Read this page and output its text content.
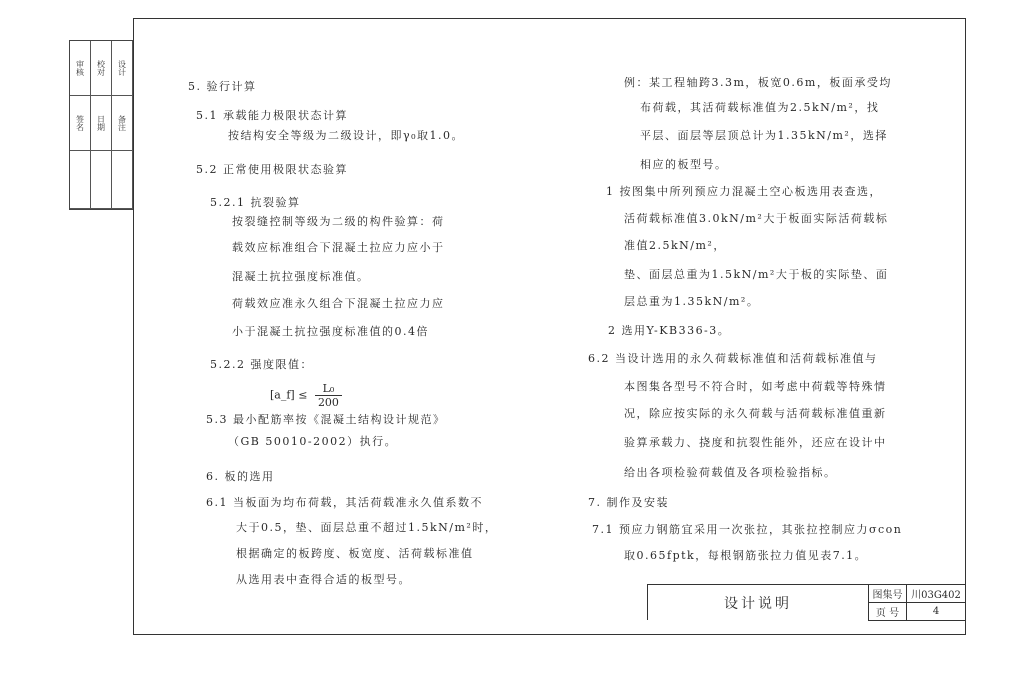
审核	校对	设计
签名	日期	备注
5. 验行计算
5.1 承载能力极限状态计算
按结构安全等级为二级设计，即γ₀取1.0。
5.2 正常使用极限状态验算
5.2.1 抗裂验算
按裂缝控制等级为二级的构件验算：荷
载效应标准组合下混凝土拉应力应小于
混凝土抗拉强度标准值。
荷载效应准永久组合下混凝土拉应力应
小于混凝土抗拉强度标准值的0.4倍
5.2.2 强度限值：
5.3 最小配筋率按《混凝土结构设计规范》
（GB 50010-2002）执行。
6. 板的选用
6.1 当板面为均布荷载，其活荷载准永久值系数不
大于0.5，垫、面层总重不超过1.5kN/m²时，
根据确定的板跨度、板宽度、活荷载标准值
从选用表中查得合适的板型号。
[a_f] ≤ $\frac{\text{L₀}}{200}$
例：某工程轴跨3.3m，板宽0.6m，板面承受均
布荷载，其活荷载标准值为2.5kN/m²，找
平层、面层等层顶总计为1.35kN/m²，选择
相应的板型号。
1 按图集中所列预应力混凝土空心板选用表查选，
活荷载标准值3.0kN/m²大于板面实际活荷载标
准值2.5kN/m²，
垫、面层总重为1.5kN/m²大于板的实际垫、面
层总重为1.35kN/m²。
2 选用Y-KB336-3。
6.2 当设计选用的永久荷载标准值和活荷载标准值与
本图集各型号不符合时，如考虑中荷载等特殊情
况，除应按实际的永久荷载与活荷载标准值重新
验算承载力、挠度和抗裂性能外，还应在设计中
给出各项检验荷载值及各项检验指标。
7. 制作及安装
7.1 预应力钢筋宜采用一次张拉，其张拉控制应力σcon
取0.65fptk，每根钢筋张拉力值见表7.1。
设计说明
图集号 川03G402
页 号	4
